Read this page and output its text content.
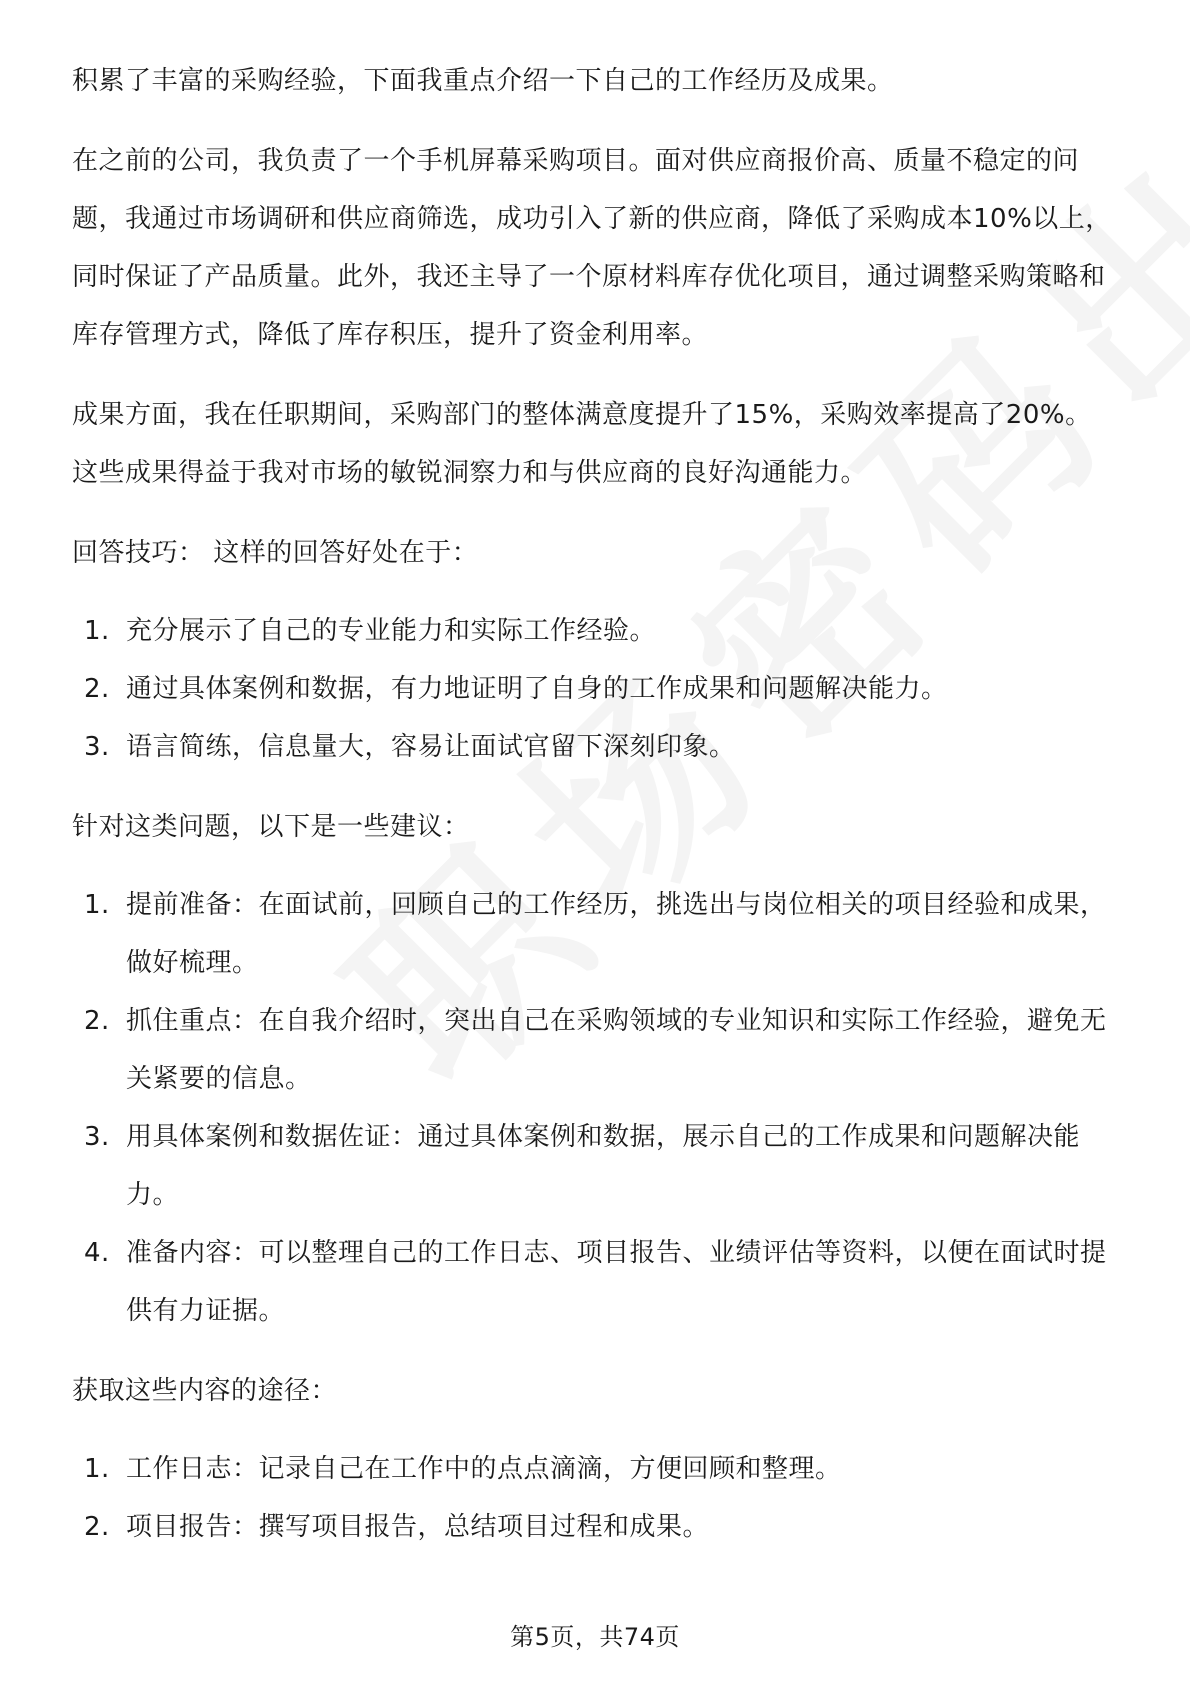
积累了丰富的采购经验，下面我重点介绍一下自己的工作经历及成果。

在之前的公司，我负责了一个手机屏幕采购项目。面对供应商报价高、质量不稳定的问题，我通过市场调研和供应商筛选，成功引入了新的供应商，降低了采购成本10%以上，同时保证了产品质量。此外，我还主导了一个原材料库存优化项目，通过调整采购策略和库存管理方式，降低了库存积压，提升了资金利用率。

成果方面，我在任职期间，采购部门的整体满意度提升了15%，采购效率提高了20%。这些成果得益于我对市场的敏锐洞察力和与供应商的良好沟通能力。

回答技巧： 这样的回答好处在于：

1. 充分展示了自己的专业能力和实际工作经验。
2. 通过具体案例和数据，有力地证明了自身的工作成果和问题解决能力。
3. 语言简练，信息量大，容易让面试官留下深刻印象。

针对这类问题，以下是一些建议：

1. 提前准备：在面试前，回顾自己的工作经历，挑选出与岗位相关的项目经验和成果，做好梳理。
2. 抓住重点：在自我介绍时，突出自己在采购领域的专业知识和实际工作经验，避免无关紧要的信息。
3. 用具体案例和数据佐证：通过具体案例和数据，展示自己的工作成果和问题解决能力。
4. 准备内容：可以整理自己的工作日志、项目报告、业绩评估等资料，以便在面试时提供有力证据。

获取这些内容的途径：

1. 工作日志：记录自己在工作中的点点滴滴，方便回顾和整理。
2. 项目报告：撰写项目报告，总结项目过程和成果。
第5页，共74页
